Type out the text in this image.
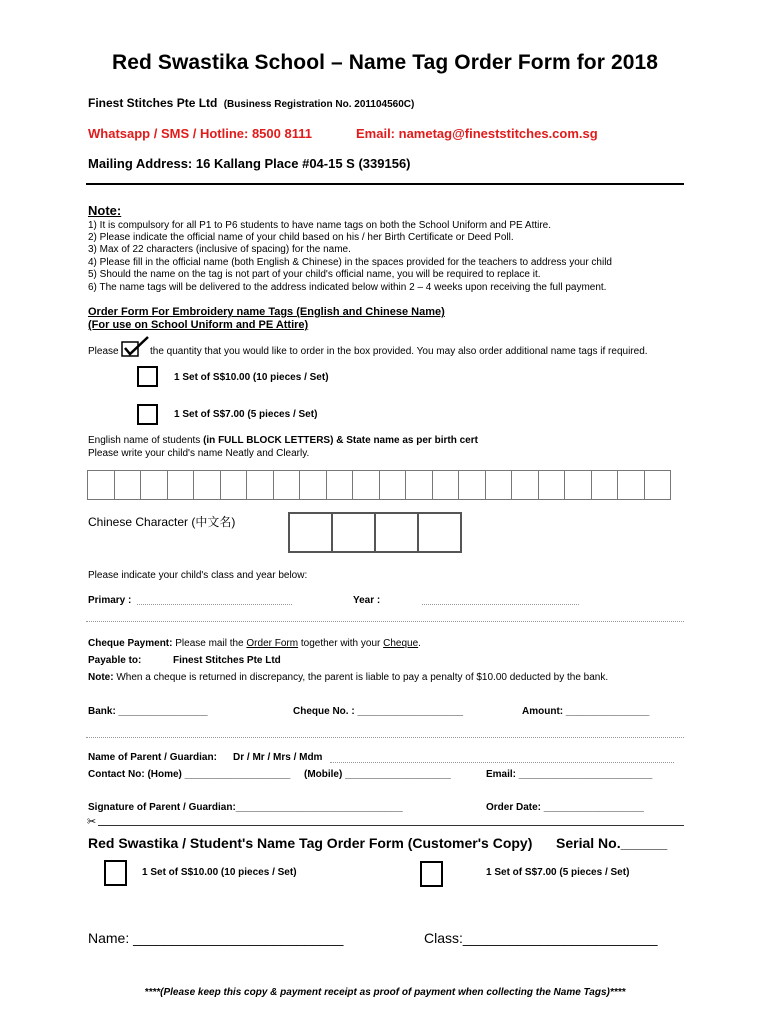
Red Swastika School – Name Tag Order Form for 2018
Finest Stitches Pte Ltd (Business Registration No. 201104560C)
Whatsapp / SMS / Hotline: 8500 8111	Email: nametag@fineststitches.com.sg
Mailing Address: 16 Kallang Place #04-15 S (339156)
Note:
1) It is compulsory for all P1 to P6 students to have name tags on both the School Uniform and PE Attire.
2) Please indicate the official name of your child based on his / her Birth Certificate or Deed Poll.
3) Max of 22 characters (inclusive of spacing) for the name.
4) Please fill in the official name (both English & Chinese) in the spaces provided for the teachers to address your child
5) Should the name on the tag is not part of your child's official name, you will be required to replace it.
6) The name tags will be delivered to the address indicated below within 2 – 4 weeks upon receiving the full payment.
Order Form For Embroidery name Tags (English and Chinese Name)
(For use on School Uniform and PE Attire)
Please	the quantity that you would like to order in the box provided. You may also order additional name tags if required.
1 Set of S$10.00 (10 pieces / Set)
1 Set of S$7.00 (5 pieces / Set)
English name of students (in FULL BLOCK LETTERS) & State name as per birth cert
Please write your child's name Neatly and Clearly.
Chinese Character (中文名)
Please indicate your child's class and year below:
Primary :	Year :
Cheque Payment: Please mail the Order Form together with your Cheque.
Payable to:	Finest Stitches Pte Ltd
Note: When a cheque is returned in discrepancy, the parent is liable to pay a penalty of $10.00 deducted by the bank.
Bank: ________________	Cheque No. : ___________________	Amount: _______________
Name of Parent / Guardian: Dr / Mr / Mrs / Mdm
Contact No: (Home) ___________________ (Mobile) ___________________	Email: ________________________
Signature of Parent / Guardian:______________________________	Order Date: __________________
✂
Red Swastika / Student's Name Tag Order Form (Customer's Copy) Serial No.______
1 Set of S$10.00 (10 pieces / Set)	1 Set of S$7.00 (5 pieces / Set)
Name: ___________________________	Class:_________________________
****(Please keep this copy & payment receipt as proof of payment when collecting the Name Tags)****
